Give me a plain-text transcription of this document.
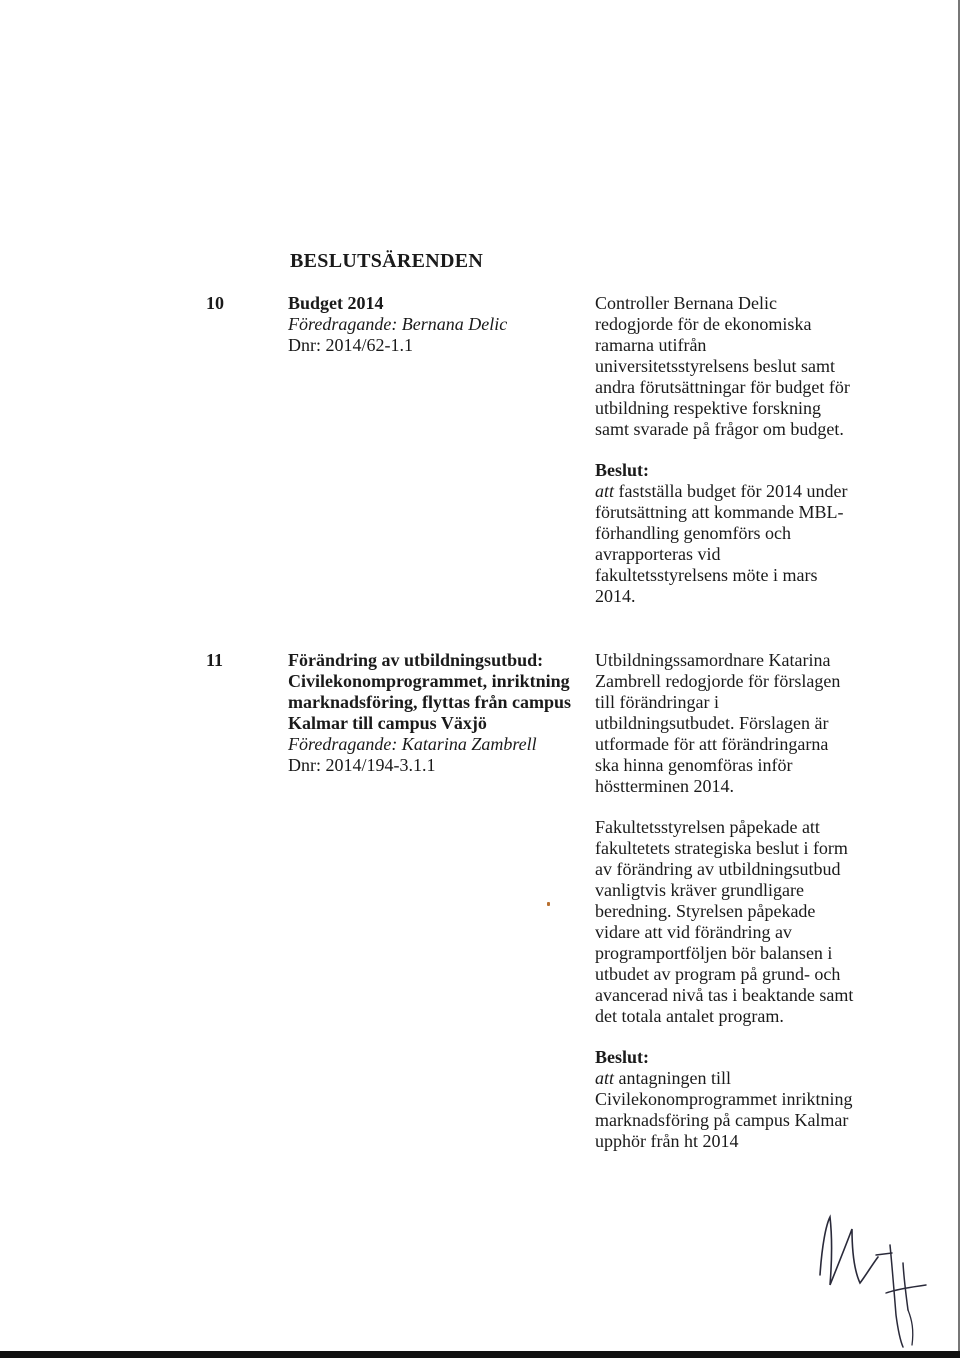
BESLUTSÄRENDEN
10	Budget 2014
Föredragande: Bernana Delic
Dnr: 2014/62-1.1

Controller Bernana Delic redogjorde för de ekonomiska ramarna utifrån universitetsstyrelsens beslut samt andra förutsättningar för budget för utbildning respektive forskning samt svarade på frågor om budget.

Beslut:
att fastställa budget för 2014 under förutsättning att kommande MBL-förhandling genomförs och avrapporteras vid fakultetsstyrelsens möte i mars 2014.
11	Förändring av utbildningsutbud: Civilekonomprogrammet, inriktning marknadsföring, flyttas från campus Kalmar till campus Växjö
Föredragande: Katarina Zambrell
Dnr: 2014/194-3.1.1

Utbildningssamordnare Katarina Zambrell redogjorde för förslagen till förändringar i utbildningsutbudet. Förslagen är utformade för att förändringarna ska hinna genomföras inför höstterminen 2014.

Fakultetsstyrelsen påpekade att fakultetets strategiska beslut i form av förändring av utbildningsutbud vanligtvis kräver grundligare beredning. Styrelsen påpekade vidare att vid förändring av programportföljen bör balansen i utbudet av program på grund- och avancerad nivå tas i beaktande samt det totala antalet program.

Beslut:
att antagningen till Civilekonomprogrammet inriktning marknadsföring på campus Kalmar upphör från ht 2014
